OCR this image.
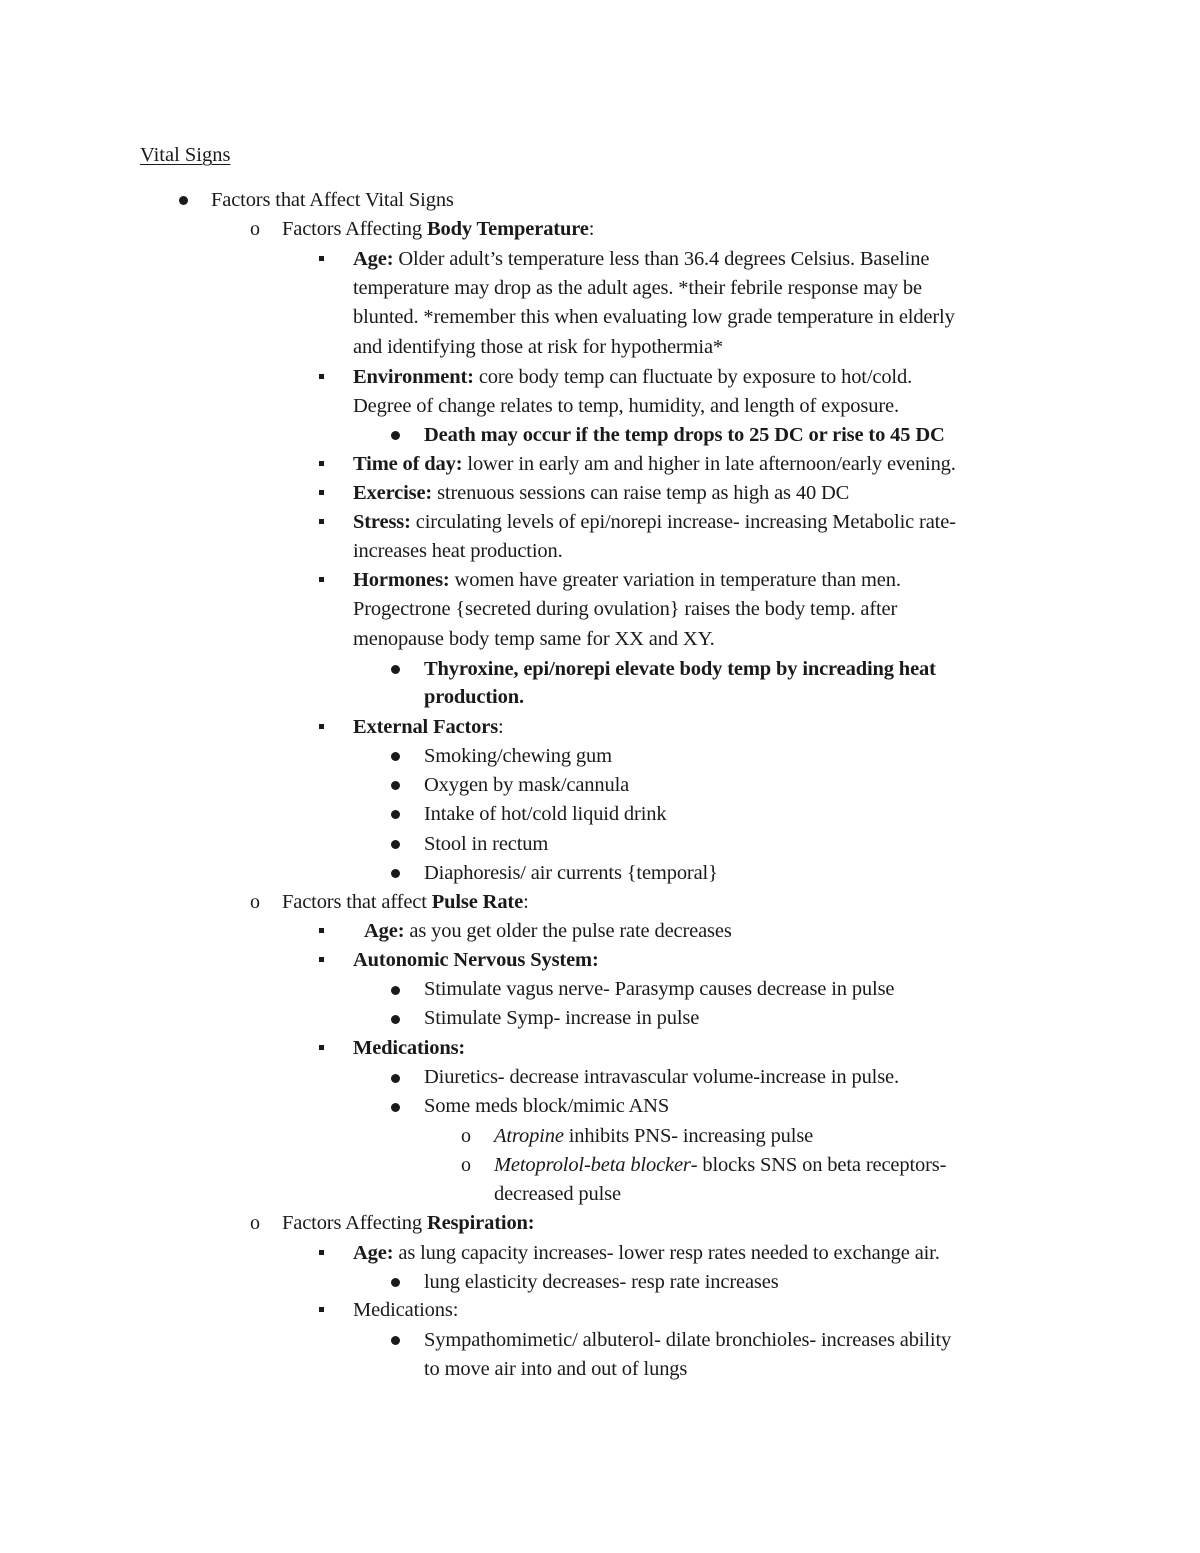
Vital Signs
Factors that Affect Vital Signs
o Factors Affecting Body Temperature:
Age: Older adult’s temperature less than 36.4 degrees Celsius. Baseline
temperature may drop as the adult ages. *their febrile response may be
blunted. *remember this when evaluating low grade temperature in elderly
and identifying those at risk for hypothermia*
Environment: core body temp can fluctuate by exposure to hot/cold.
Degree of change relates to temp, humidity, and length of exposure.
Death may occur if the temp drops to 25 DC or rise to 45 DC
Time of day: lower in early am and higher in late afternoon/early evening.
Exercise: strenuous sessions can raise temp as high as 40 DC
Stress: circulating levels of epi/norepi increase- increasing Metabolic rate-
increases heat production.
Hormones: women have greater variation in temperature than men.
Progectrone {secreted during ovulation} raises the body temp. after
menopause body temp same for XX and XY.
Thyroxine, epi/norepi elevate body temp by increading heat
production.
External Factors:
Smoking/chewing gum
Oxygen by mask/cannula
Intake of hot/cold liquid drink
Stool in rectum
Diaphoresis/ air currents {temporal}
o Factors that affect Pulse Rate:
Age: as you get older the pulse rate decreases
Autonomic Nervous System:
Stimulate vagus nerve- Parasymp causes decrease in pulse
Stimulate Symp- increase in pulse
Medications:
Diuretics- decrease intravascular volume-increase in pulse.
Some meds block/mimic ANS
o Atropine inhibits PNS- increasing pulse
o Metoprolol-beta blocker- blocks SNS on beta receptors-
decreased pulse
o Factors Affecting Respiration:
Age: as lung capacity increases- lower resp rates needed to exchange air.
lung elasticity decreases- resp rate increases
Medications:
Sympathomimetic/ albuterol- dilate bronchioles- increases ability
to move air into and out of lungs
